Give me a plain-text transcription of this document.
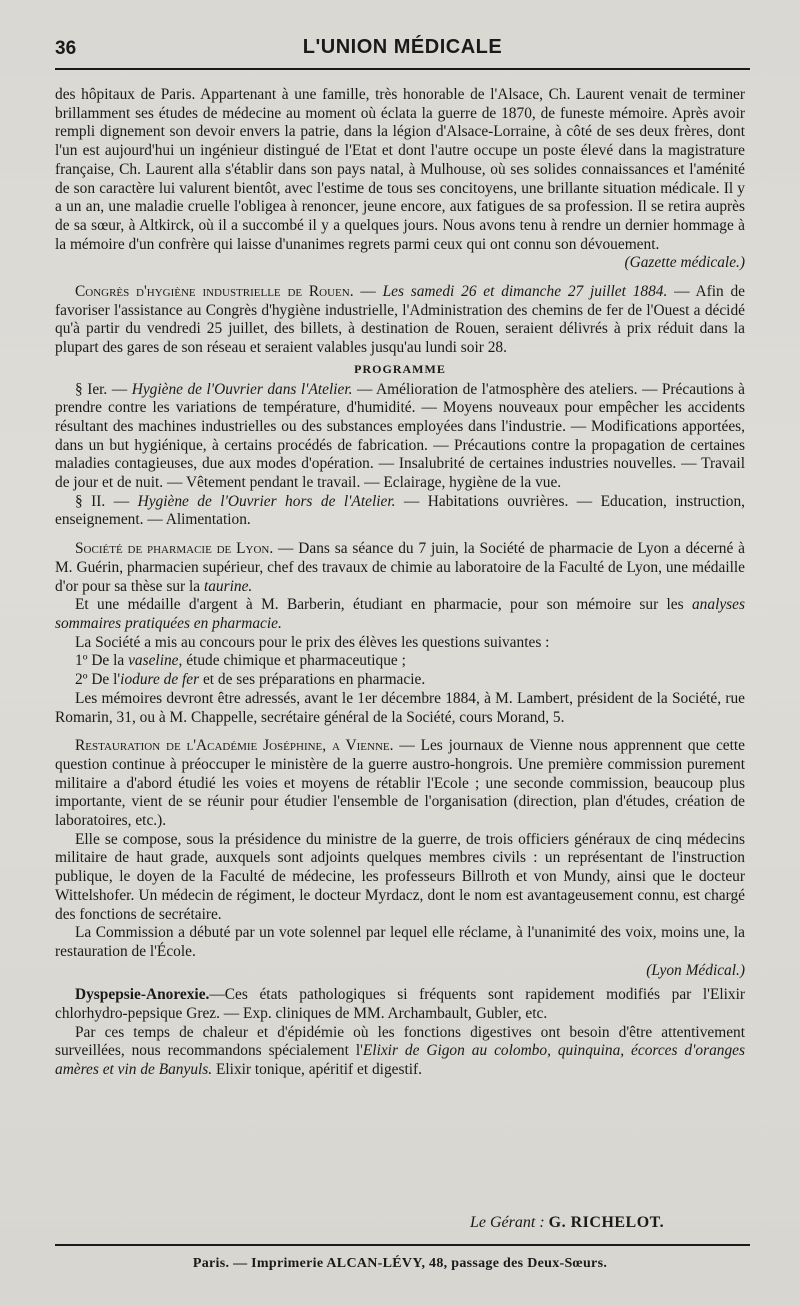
36	L'UNION MÉDICALE

des hôpitaux de Paris. Appartenant à une famille, très honorable de l'Alsace, Ch. Laurent venait de terminer brillamment ses études de médecine au moment où éclata la guerre de 1870, de funeste mémoire. Après avoir rempli dignement son devoir envers la patrie, dans la légion d'Alsace-Lorraine, à côté de ses deux frères, dont l'un est aujourd'hui un ingénieur distingué de l'Etat et dont l'autre occupe un poste élevé dans la magistrature française, Ch. Laurent alla s'établir dans son pays natal, à Mulhouse, où ses solides connaissances et l'aménité de son caractère lui valurent bientôt, avec l'estime de tous ses concitoyens, une brillante situation médicale. Il y a un an, une maladie cruelle l'obligea à renoncer, jeune encore, aux fatigues de sa profession. Il se retira auprès de sa sœur, à Altkirck, où il a succombé il y a quelques jours. Nous avons tenu à rendre un dernier hommage à la mémoire d'un confrère qui laisse d'unanimes regrets parmi ceux qui ont connu son dévouement.

(Gazette médicale.)

Congrès d'hygiène industrielle de Rouen. — Les samedi 26 et dimanche 27 juillet 1884. — Afin de favoriser l'assistance au Congrès d'hygiène industrielle, l'Administration des chemins de fer de l'Ouest a décidé qu'à partir du vendredi 25 juillet, des billets, à destination de Rouen, seraient délivrés à prix réduit dans la plupart des gares de son réseau et seraient valables jusqu'au lundi soir 28.

PROGRAMME

§ Ier. — Hygiène de l'Ouvrier dans l'Atelier. — Amélioration de l'atmosphère des ateliers. — Précautions à prendre contre les variations de température, d'humidité. — Moyens nouveaux pour empêcher les accidents résultant des machines industrielles ou des substances employées dans l'industrie. — Modifications apportées, dans un but hygiénique, à certains procédés de fabrication. — Précautions contre la propagation de certaines maladies contagieuses, due aux modes d'opération. — Insalubrité de certaines industries nouvelles. — Travail de jour et de nuit. — Vêtement pendant le travail. — Eclairage, hygiène de la vue.

§ II. — Hygiène de l'Ouvrier hors de l'Atelier. — Habitations ouvrières. — Education, instruction, enseignement. — Alimentation.

Société de pharmacie de Lyon. — Dans sa séance du 7 juin, la Société de pharmacie de Lyon a décerné à M. Guérin, pharmacien supérieur, chef des travaux de chimie au laboratoire de la Faculté de Lyon, une médaille d'or pour sa thèse sur la taurine.

Et une médaille d'argent à M. Barberin, étudiant en pharmacie, pour son mémoire sur les analyses sommaires pratiquées en pharmacie.

La Société a mis au concours pour le prix des élèves les questions suivantes :

1º De la vaseline, étude chimique et pharmaceutique ;

2º De l'iodure de fer et de ses préparations en pharmacie.

Les mémoires devront être adressés, avant le 1er décembre 1884, à M. Lambert, président de la Société, rue Romarin, 31, ou à M. Chappelle, secrétaire général de la Société, cours Morand, 5.

Restauration de l'Académie Joséphine, a Vienne. — Les journaux de Vienne nous apprennent que cette question continue à préoccuper le ministère de la guerre austro-hongrois. Une première commission purement militaire a d'abord étudié les voies et moyens de rétablir l'Ecole ; une seconde commission, beaucoup plus importante, vient de se réunir pour étudier l'ensemble de l'organisation (direction, plan d'études, création de laboratoires, etc.).

Elle se compose, sous la présidence du ministre de la guerre, de trois officiers généraux de cinq médecins militaire de haut grade, auxquels sont adjoints quelques membres civils : un représentant de l'instruction publique, le doyen de la Faculté de médecine, les professeurs Billroth et von Mundy, ainsi que le docteur Wittelshofer. Un médecin de régiment, le docteur Myrdacz, dont le nom est avantageusement connu, est chargé des fonctions de secrétaire.

La Commission a débuté par un vote solennel par lequel elle réclame, à l'unanimité des voix, moins une, la restauration de l'École.

(Lyon Médical.)

Dyspepsie-Anorexie.—Ces états pathologiques si fréquents sont rapidement modifiés par l'Elixir chlorhydro-pepsique Grez. — Exp. cliniques de MM. Archambault, Gubler, etc.

Par ces temps de chaleur et d'épidémie où les fonctions digestives ont besoin d'être attentivement surveillées, nous recommandons spécialement l'Elixir de Gigon au colombo, quinquina, écorces d'oranges amères et vin de Banyuls. Elixir tonique, apéritif et digestif.

Le Gérant : G. RICHELOT.
Paris. — Imprimerie ALCAN-LÉVY, 48, passage des Deux-Sœurs.
